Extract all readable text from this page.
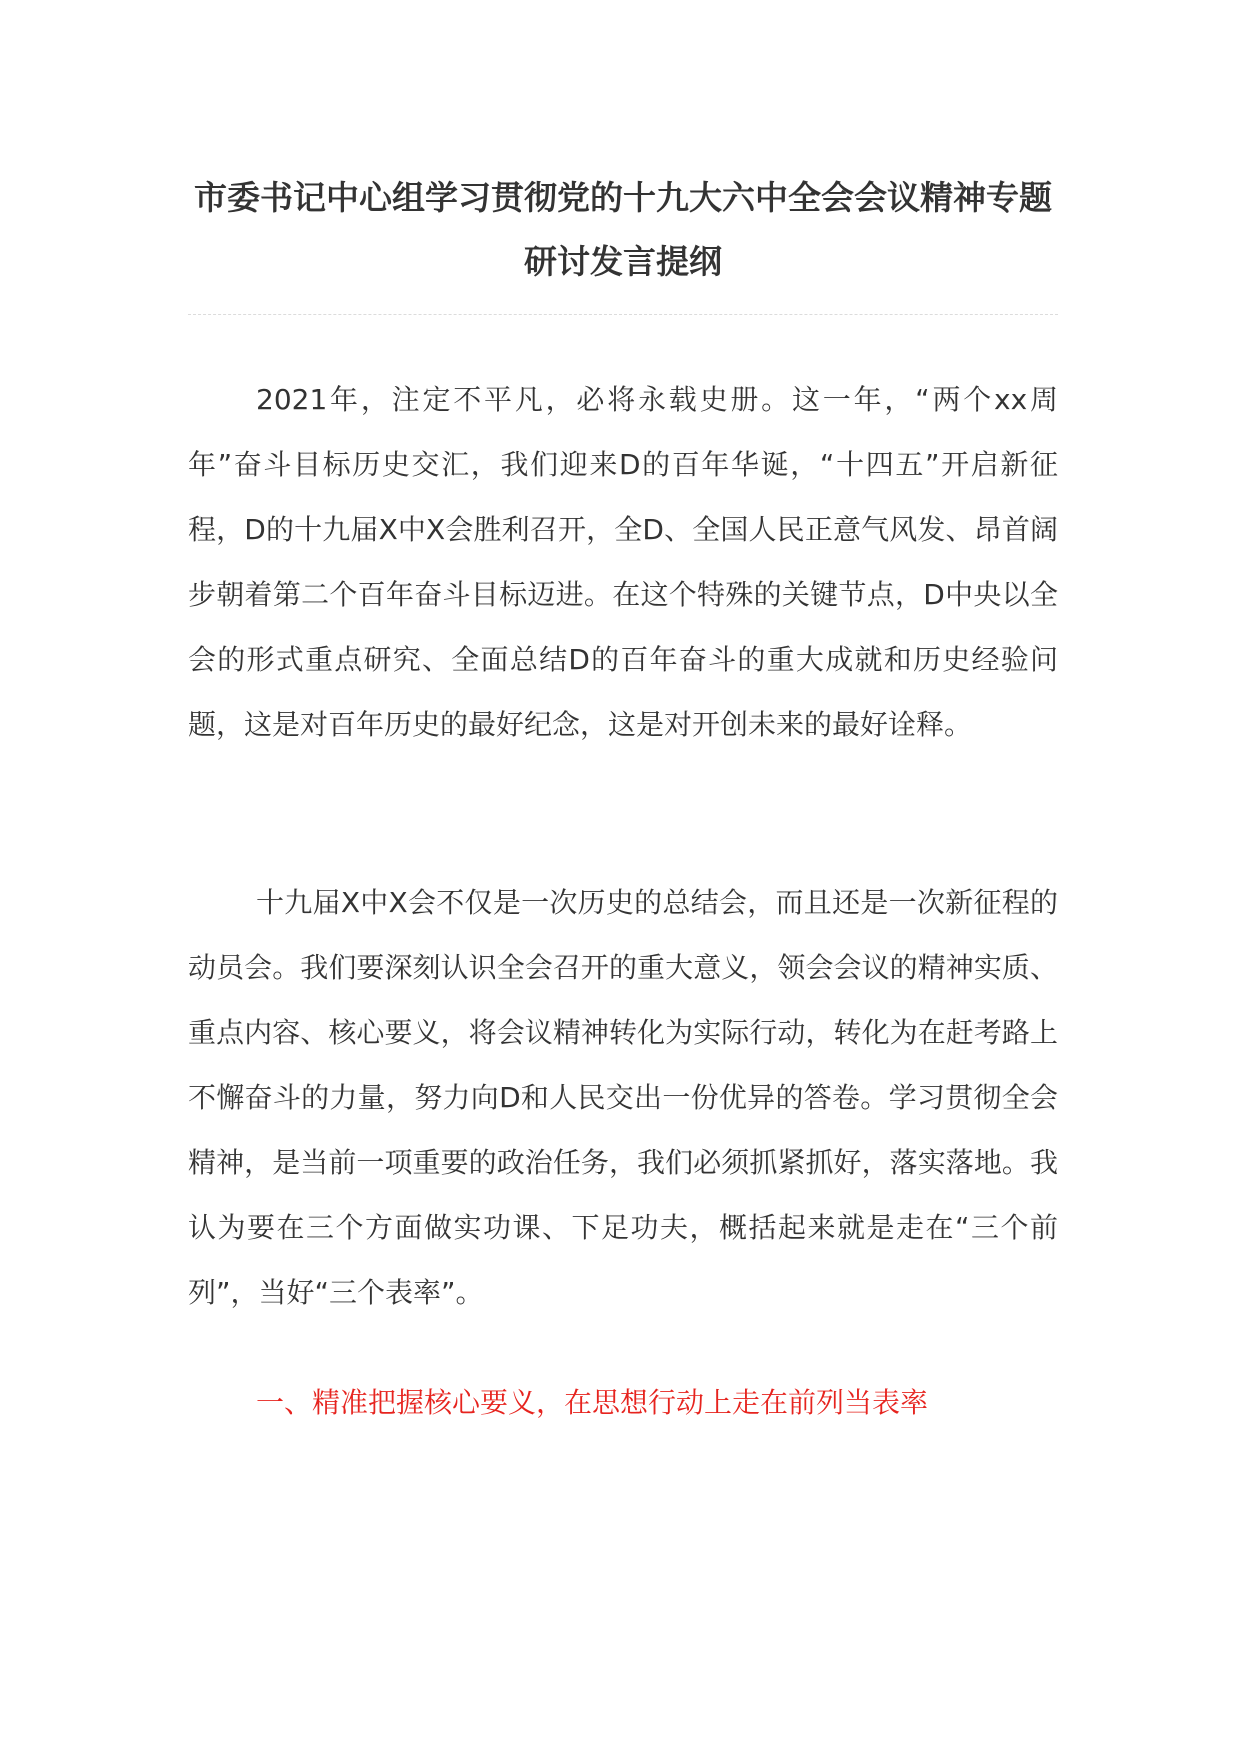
市委书记中心组学习贯彻党的十九大六中全会会议精神专题研讨发言提纲

2021年，注定不平凡，必将永载史册。这一年，“两个xx周年”奋斗目标历史交汇，我们迎来D的百年华诞，“十四五”开启新征程，D的十九届X中X会胜利召开，全D、全国人民正意气风发、昂首阔步朝着第二个百年奋斗目标迈进。在这个特殊的关键节点，D中央以全会的形式重点研究、全面总结D的百年奋斗的重大成就和历史经验问题，这是对百年历史的最好纪念，这是对开创未来的最好诠释。

十九届X中X会不仅是一次历史的总结会，而且还是一次新征程的动员会。我们要深刻认识全会召开的重大意义，领会会议的精神实质、重点内容、核心要义，将会议精神转化为实际行动，转化为在赶考路上不懈奋斗的力量，努力向D和人民交出一份优异的答卷。学习贯彻全会精神，是当前一项重要的政治任务，我们必须抓紧抓好，落实落地。我认为要在三个方面做实功课、下足功夫，概括起来就是走在“三个前列”，当好“三个表率”。

一、精准把握核心要义，在思想行动上走在前列当表率
